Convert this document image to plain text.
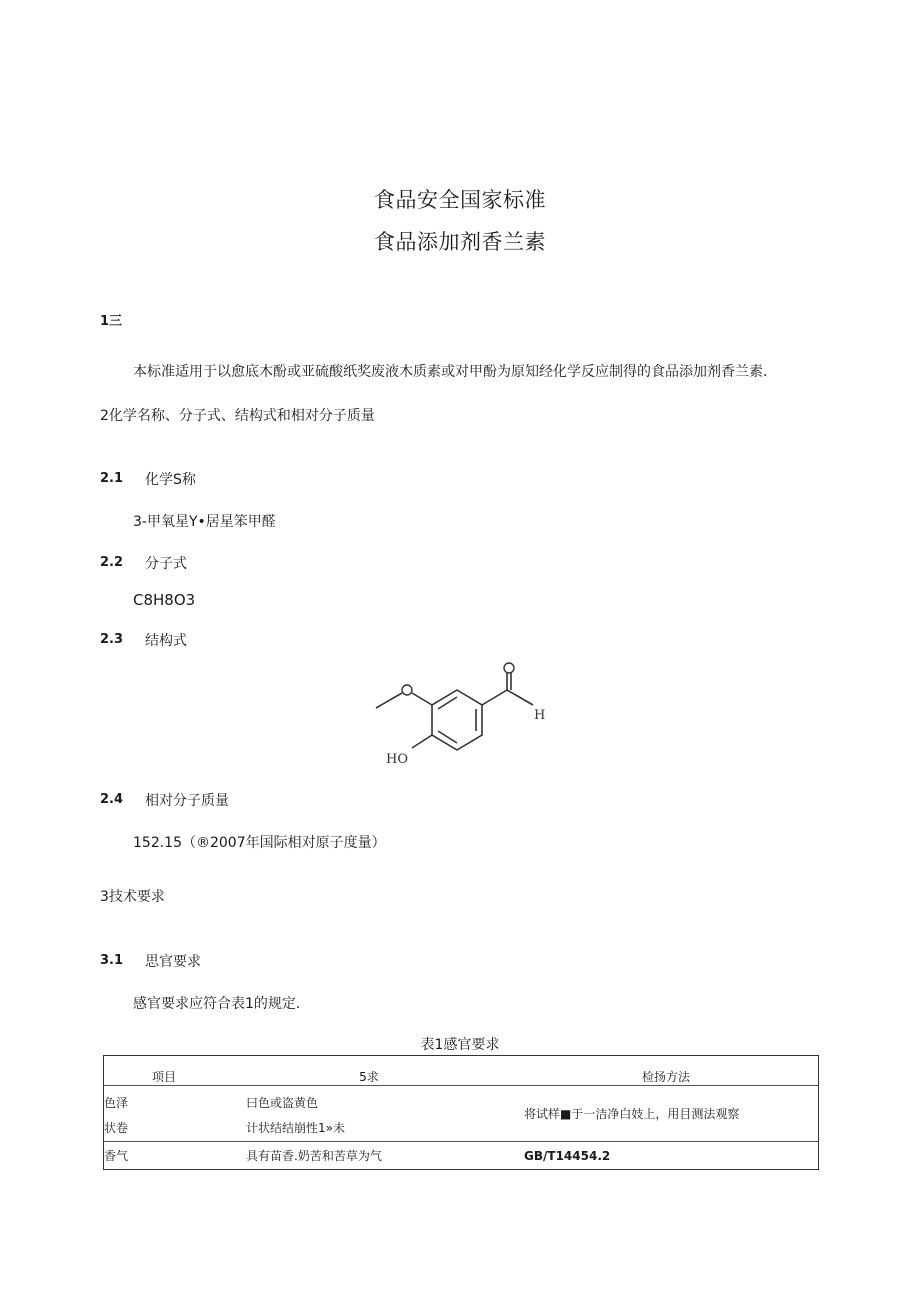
食品安全国家标准
食品添加剂香兰素
1三
本标准适用于以愈底木酚或亚硫酸纸奖废液木质素或对甲酚为原知经化学反应制得的食品添加剂香兰素.
2化学名称、分子式、结构式和相对分子质量
2.1 化学S称
3-甲氧星Y•居星笨甲醛
2.2 分子式
C8H8O3
2.3 结构式
H
HO
2.4 相对分子质量
152.15（®2007年国际相对原子度量）
3技术要求
3.1 思官要求
感官要求应符合表1的规定.
表1感官要求
项目	5求	检扬方法
色泽	曰色或盗黄色	将试样■于一洁净白妓上，用目测法观察
状卷	计状结结崩性1»未	
香气	具有苗香.奶苦和苦草为气	GB/T14454.2
